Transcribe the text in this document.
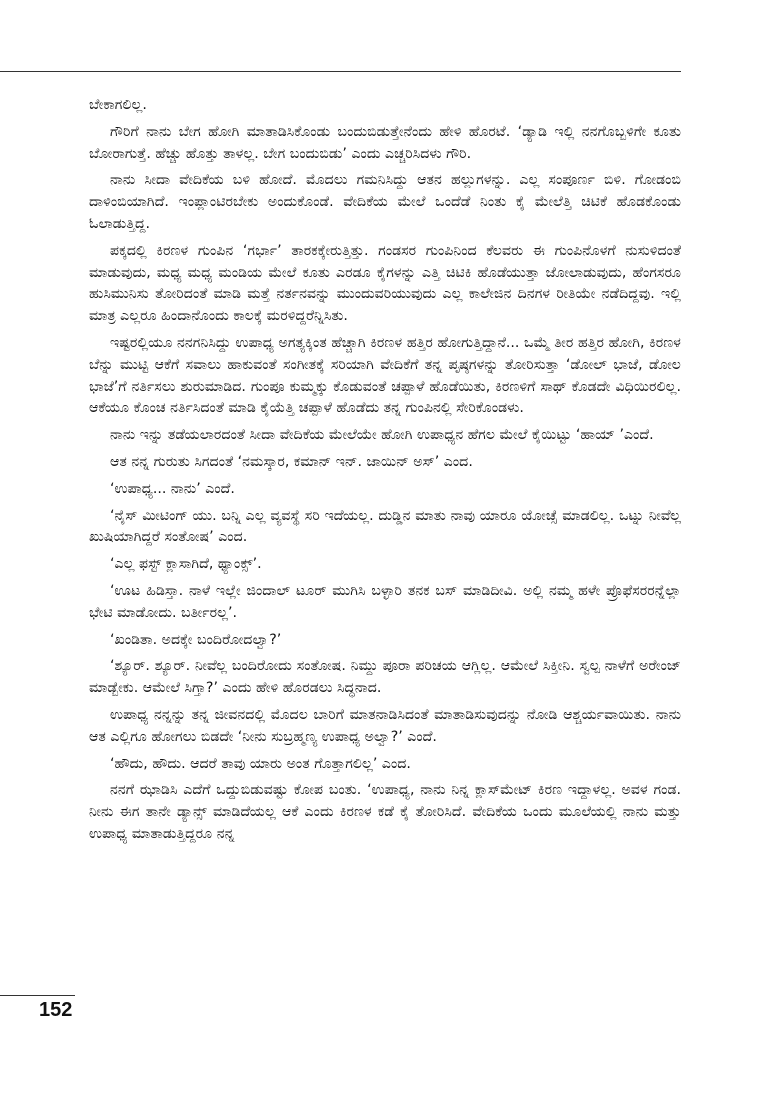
ಬೇಕಾಗಲಿಲ್ಲ.

ಗೌರಿಗೆ ನಾನು ಬೇಗ ಹೋಗಿ ಮಾತಾಡಿಸಿಕೊಂಡು ಬಂದುಬಿಡುತ್ತೇನೆಂದು ಹೇಳಿ ಹೊರಟೆ. ‘ಡ್ಯಾಡಿ ಇಲ್ಲಿ ನನಗೊಬ್ಬಳಿಗೇ ಕೂತು ಬೋರಾಗುತ್ತೆ. ಹೆಚ್ಚು ಹೊತ್ತು ತಾಳಲ್ಲ. ಬೇಗ ಬಂದುಬಿಡು’ ಎಂದು ಎಚ್ಚರಿಸಿದಳು ಗೌರಿ.

ನಾನು ಸೀದಾ ವೇದಿಕೆಯ ಬಳಿ ಹೋದೆ. ಮೊದಲು ಗಮನಿಸಿದ್ದು ಆತನ ಹಲ್ಲುಗಳನ್ನು. ಎಲ್ಲ ಸಂಪೂರ್ಣ ಬಿಳಿ. ಗೋಡಂಬಿ ದಾಳಿಂಬಿಯಾಗಿದೆ. ಇಂಪ್ಲಾಂಟಿರಬೇಕು ಅಂದುಕೊಂಡೆ. ವೇದಿಕೆಯ ಮೇಲೆ ಒಂದೆಡೆ ನಿಂತು ಕೈ ಮೇಲೆತ್ತಿ ಚಿಟಿಕೆ ಹೊಡಕೊಂಡು ಓಲಾಡುತ್ತಿದ್ದ.

ಪಕ್ಕದಲ್ಲಿ ಕಿರಣಳ ಗುಂಪಿನ ‘ಗರ್ಭಾ’ ತಾರಕಕ್ಕೇರುತ್ತಿತ್ತು. ಗಂಡಸರ ಗುಂಪಿನಿಂದ ಕೆಲವರು ಈ ಗುಂಪಿನೊಳಗೆ ನುಸುಳಿದಂತೆ ಮಾಡುವುದು, ಮಧ್ಯ ಮಧ್ಯ ಮಂಡಿಯ ಮೇಲೆ ಕೂತು ಎರಡೂ ಕೈಗಳನ್ನು ಎತ್ತಿ ಚಿಟಿಕಿ ಹೊಡೆಯುತ್ತಾ ಜೋಲಾಡುವುದು, ಹೆಂಗಸರೂ ಹುಸಿಮುನಿಸು ತೋರಿದಂತೆ ಮಾಡಿ ಮತ್ತೆ ನರ್ತನವನ್ನು ಮುಂದುವರಿಯುವುದು ಎಲ್ಲ ಕಾಲೇಜಿನ ದಿನಗಳ ರೀತಿಯೇ ನಡೆದಿದ್ದವು. ಇಲ್ಲಿ ಮಾತ್ರ ಎಲ್ಲರೂ ಹಿಂದಾನೊಂದು ಕಾಲಕ್ಕೆ ಮರಳಿದ್ದರೆನ್ನಿಸಿತು.

ಇಷ್ಟರಲ್ಲಿಯೂ ನನಗನಿಸಿದ್ದು ಉಪಾಧ್ಯ ಅಗತ್ಯಕ್ಕಿಂತ ಹೆಚ್ಚಾಗಿ ಕಿರಣಳ ಹತ್ತಿರ ಹೋಗುತ್ತಿದ್ದಾನೆ... ಒಮ್ಮೆ ತೀರ ಹತ್ತಿರ ಹೋಗಿ, ಕಿರಣಳ ಬೆನ್ನು ಮುಟ್ಟಿ ಆಕೆಗೆ ಸವಾಲು ಹಾಕುವಂತೆ ಸಂಗೀತಕ್ಕೆ ಸರಿಯಾಗಿ ವೇದಿಕೆಗೆ ತನ್ನ ಪೃಷ್ಠಗಳನ್ನು ತೋರಿಸುತ್ತಾ ‘ಡೋಲ್ ಭಾಜೆ, ಡೋಲ ಭಾಜೆ’ಗೆ ನರ್ತಿಸಲು ಶುರುಮಾಡಿದ. ಗುಂಪೂ ಕುಮ್ಮಕ್ಕು ಕೊಡುವಂತೆ ಚಪ್ಪಾಳೆ ಹೊಡೆಯಿತು, ಕಿರಣಳಿಗೆ ಸಾಥ್ ಕೊಡದೇ ವಿಧಿಯಿರಲಿಲ್ಲ. ಆಕೆಯೂ ಕೊಂಚ ನರ್ತಿಸಿದಂತೆ ಮಾಡಿ ಕೈಯೆತ್ತಿ ಚಪ್ಪಾಳೆ ಹೊಡೆದು ತನ್ನ ಗುಂಪಿನಲ್ಲಿ ಸೇರಿಕೊಂಡಳು.

ನಾನು ಇನ್ನು ತಡೆಯಲಾರದಂತೆ ಸೀದಾ ವೇದಿಕೆಯ ಮೇಲೆಯೇ ಹೋಗಿ ಉಪಾಧ್ಯನ ಹೆಗಲ ಮೇಲೆ ಕೈಯಿಟ್ಟು ‘ಹಾಯ್ ’ಎಂದೆ.

ಆತ ನನ್ನ ಗುರುತು ಸಿಗದಂತೆ ‘ನಮಸ್ಕಾರ, ಕಮಾನ್ ಇನ್. ಜಾಯಿನ್ ಅಸ್’ ಎಂದ.

‘ಉಪಾಧ್ಯ... ನಾನು’ ಎಂದೆ.

‘ನೈಸ್ ಮೀಟಿಂಗ್ ಯು. ಬನ್ನಿ ಎಲ್ಲ ವ್ಯವಸ್ಥೆ ಸರಿ ಇದೆಯಲ್ಲ. ದುಡ್ಡಿನ ಮಾತು ನಾವು ಯಾರೂ ಯೋಚ್ಸೆ ಮಾಡಲಿಲ್ಲ. ಒಟ್ನು ನೀವೆಲ್ಲ ಖುಷಿಯಾಗಿದ್ದರೆ ಸಂತೋಷ’ ಎಂದ.

‘ಎಲ್ಲ ಫಸ್ಟ್ ಕ್ಲಾಸಾಗಿದೆ, ಥ್ಯಾಂಕ್ಸ್’.

‘ಊಟ ಹಿಡಿಸ್ತಾ. ನಾಳೆ ಇಲ್ಲೇ ಜಿಂದಾಲ್ ಟೂರ್ ಮುಗಿಸಿ ಬಳ್ಳಾರಿ ತನಕ ಬಸ್ ಮಾಡಿದೀವಿ. ಅಲ್ಲಿ ನಮ್ಮ ಹಳೇ ಪ್ರೊಫೆಸರರನ್ನೆಲ್ಲಾ ಭೇಟಿ ಮಾಡೋದು. ಬರ್ತೀರಲ್ಲ’.

‘ಖಂಡಿತಾ. ಅದಕ್ಕೇ ಬಂದಿರೋದಲ್ವಾ?’

‘ಶ್ಯೂರ್. ಶ್ಯೂರ್. ನೀವೆಲ್ಲ ಬಂದಿರೋದು ಸಂತೋಷ. ನಿಮ್ದು ಪೂರಾ ಪರಿಚಯ ಆಗ್ಲಿಲ್ಲ. ಆಮೇಲೆ ಸಿಕ್ತೀನಿ. ಸ್ವಲ್ಪ ನಾಳೆಗೆ ಅರೇಂಜ್ ಮಾಡ್ಬೇಕು. ಆಮೇಲೆ ಸಿಗ್ತಾ?’ ಎಂದು ಹೇಳಿ ಹೊರಡಲು ಸಿದ್ಧನಾದ.

ಉಪಾಧ್ಯ ನನ್ನನ್ನು ತನ್ನ ಜೀವನದಲ್ಲಿ ಮೊದಲ ಬಾರಿಗೆ ಮಾತನಾಡಿಸಿದಂತೆ ಮಾತಾಡಿಸುವುದನ್ನು ನೋಡಿ ಆಶ್ಚರ್ಯವಾಯಿತು. ನಾನು ಆತ ಎಲ್ಲಿಗೂ ಹೋಗಲು ಬಿಡದೇ ‘ನೀನು ಸುಬ್ರಹ್ಮಣ್ಯ ಉಪಾಧ್ಯ ಅಲ್ವಾ?’ ಎಂದೆ.

‘ಹೌದು, ಹೌದು. ಆದರೆ ತಾವು ಯಾರು ಅಂತ ಗೊತ್ತಾಗಲಿಲ್ಲ’ ಎಂದ.

ನನಗೆ ಝಾಡಿಸಿ ಎದೆಗೆ ಒದ್ದುಬಿಡುವಷ್ಟು ಕೋಪ ಬಂತು. ‘ಉಪಾಧ್ಯ, ನಾನು ನಿನ್ನ ಕ್ಲಾಸ್‌ಮೇಟ್ ಕಿರಣ ಇದ್ದಾಳಲ್ಲ. ಅವಳ ಗಂಡ. ನೀನು ಈಗ ತಾನೇ ಡ್ಯಾನ್ಸ್ ಮಾಡಿದೆಯಲ್ಲ ಆಕೆ ಎಂದು ಕಿರಣಳ ಕಡೆ ಕೈ ತೋರಿಸಿದೆ. ವೇದಿಕೆಯ ಒಂದು ಮೂಲೆಯಲ್ಲಿ ನಾನು ಮತ್ತು ಉಪಾಧ್ಯ ಮಾತಾಡುತ್ತಿದ್ದರೂ ನನ್ನ

152
